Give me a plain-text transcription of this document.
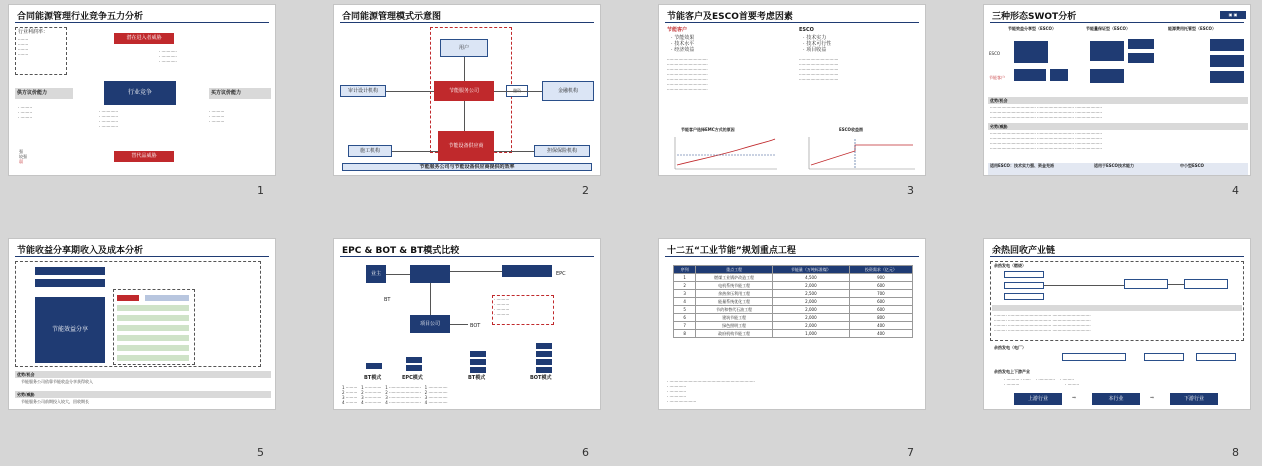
合同能源管理行业竞争五力分析
行业利润率：
········
········
········
········
潜在进入者威胁
· ············
· ············
· ············
供方议价能力	行业竞争	买方议价能力
· ·········
· ·········
· ·········
· ·············
· ·············
· ·············
· ·············
· ··········
· ··········
· ··········
替代品威胁
强
较强
弱
1
合同能源管理模式示意图
用户
节能服务公司
节能设备供应商
审计设计机构	金融机构
施工机构	担保保险机构
节能服务公司与节能设备供应商提供的效率
2
节能客户及ESCO首要考虑因素
节能客户
· 节能效果
· 技术水平
· 经济效益
································
································
································
································
································
································
································
ESCO
· 技术实力
· 技术可行性
· 项目收益
·······························
·······························
·······························
·······························
·······························
节能客户选择EMC方式的原因	ESCO收益图
3
三种形态SWOT分析	▣ ▣
节能效益分享型（ESCO）	节能量保证型（ESCO）	能源费用托管型（ESCO）
ESCO
节能客户
优势/机会
···································· ····························· ·····················
···································· ····························· ·····················
···································· ····························· ·····················
劣势/威胁
···································· ····························· ·····················
···································· ····························· ·····················
···································· ····························· ·····················
···································· ····························· ·····················
适用ESCO：技术实力强、资金充裕	适用于ESCO技术能力	中小型ESCO
4
节能收益分享期收入及成本分析
节能效益分享
优势/机会
节能服务公司依靠节能收益分享获得收入
劣势/威胁
节能服务公司前期投入较大，回收期长
5
EPC & BOT & BT模式比较
业主	EPC
BT
项目公司	BOT
· ··········
· ··········
· ··········
· ··········
BT模式	EPC模式	BT模式	BOT模式
1 ·········   1 ·············   1 ·························   1 ···············
2 ·········   2 ·············   2 ·························   2 ···············
3 ·········   3 ·············   3 ·························   3 ···············
4 ·········   4 ·············   4 ·························   4 ···············
6
十二五“工业节能”规划重点工程
序列	重点工程	节能量（万吨标准煤）	投资需求（亿元）
1	燃煤工业锅炉改造工程	4,500	900
2	电机系统节能工程	2,000	600
3	余热余压利用工程	2,500	700
4	能量系统优化工程	2,000	600
5	节约和替代石油工程	2,000	600
6	建筑节能工程	2,000	800
7	绿色照明工程	2,000	400
8	政府机构节能工程	1,000	400
· ···································································
· ·············
· ·············
· ·············
· ·····················
7
余热回收产业链
余热发电（燃烧）
·········· ·································· ······························
·········· ·································· ······························
·········· ·································· ······························
·········· ·································· ······························
余热发电（电厂）
余热发电上下游产业
· ·········· · ······    · ·············    · ·········
· ··········                                    · ·········
上游行业	本行业	下游行业
➡	➡
8
